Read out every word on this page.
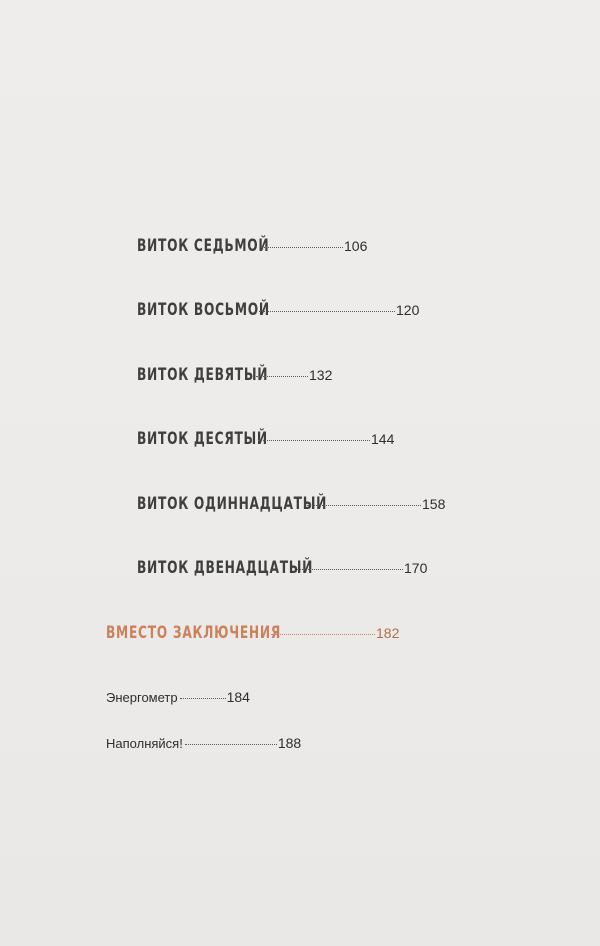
ВИТОК СЕДЬМОЙ	106
ВИТОК ВОСЬМОЙ	120
ВИТОК ДЕВЯТЫЙ	132
ВИТОК ДЕСЯТЫЙ	144
ВИТОК ОДИННАДЦАТЫЙ	158
ВИТОК ДВЕНАДЦАТЫЙ	170
ВМЕСТО ЗАКЛЮЧЕНИЯ	182
Энергометр	184
Наполняйся!	188
